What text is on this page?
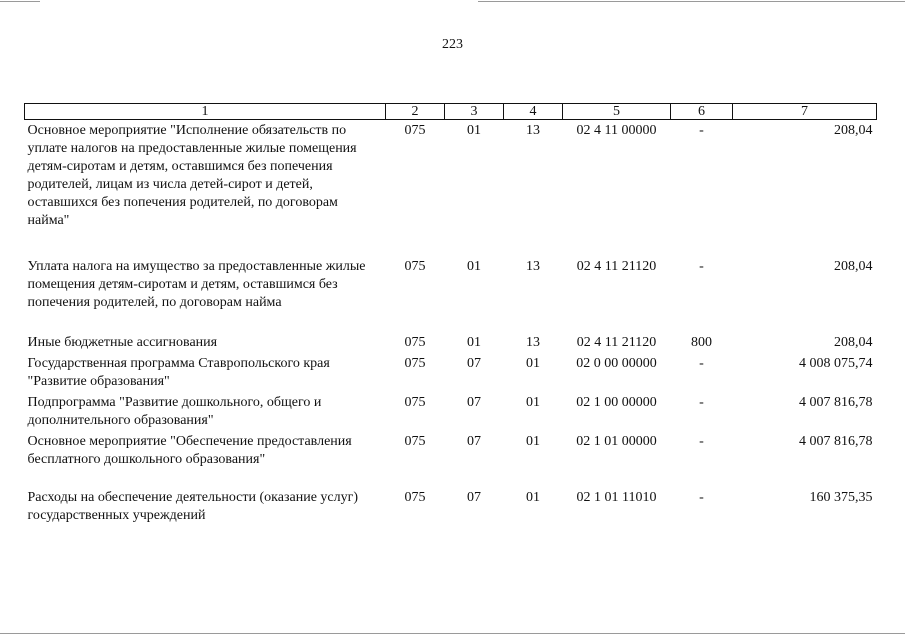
223
1	2	3	4	5	6	7
Основное мероприятие "Исполнение обязательств по уплате налогов на предоставленные жилые помещения детям-сиротам и детям, оставшимся без попечения родителей, лицам из числа детей-сирот и детей, оставшихся без попечения родителей, по договорам найма"	075	01	13	02 4 11 00000	-	208,04
Уплата налога на имущество за предоставленные жилые помещения детям-сиротам и детям, оставшимся без попечения родителей, по договорам найма	075	01	13	02 4 11 21120	-	208,04
Иные бюджетные ассигнования	075	01	13	02 4 11 21120	800	208,04
Государственная программа Ставропольского края "Развитие образования"	075	07	01	02 0 00 00000	-	4 008 075,74
Подпрограмма "Развитие дошкольного, общего и дополнительного образования"	075	07	01	02 1 00 00000	-	4 007 816,78
Основное мероприятие "Обеспечение предоставления бесплатного дошкольного образования"	075	07	01	02 1 01 00000	-	4 007 816,78
Расходы на обеспечение деятельности (оказание услуг) государственных учреждений	075	07	01	02 1 01 11010	-	160 375,35
